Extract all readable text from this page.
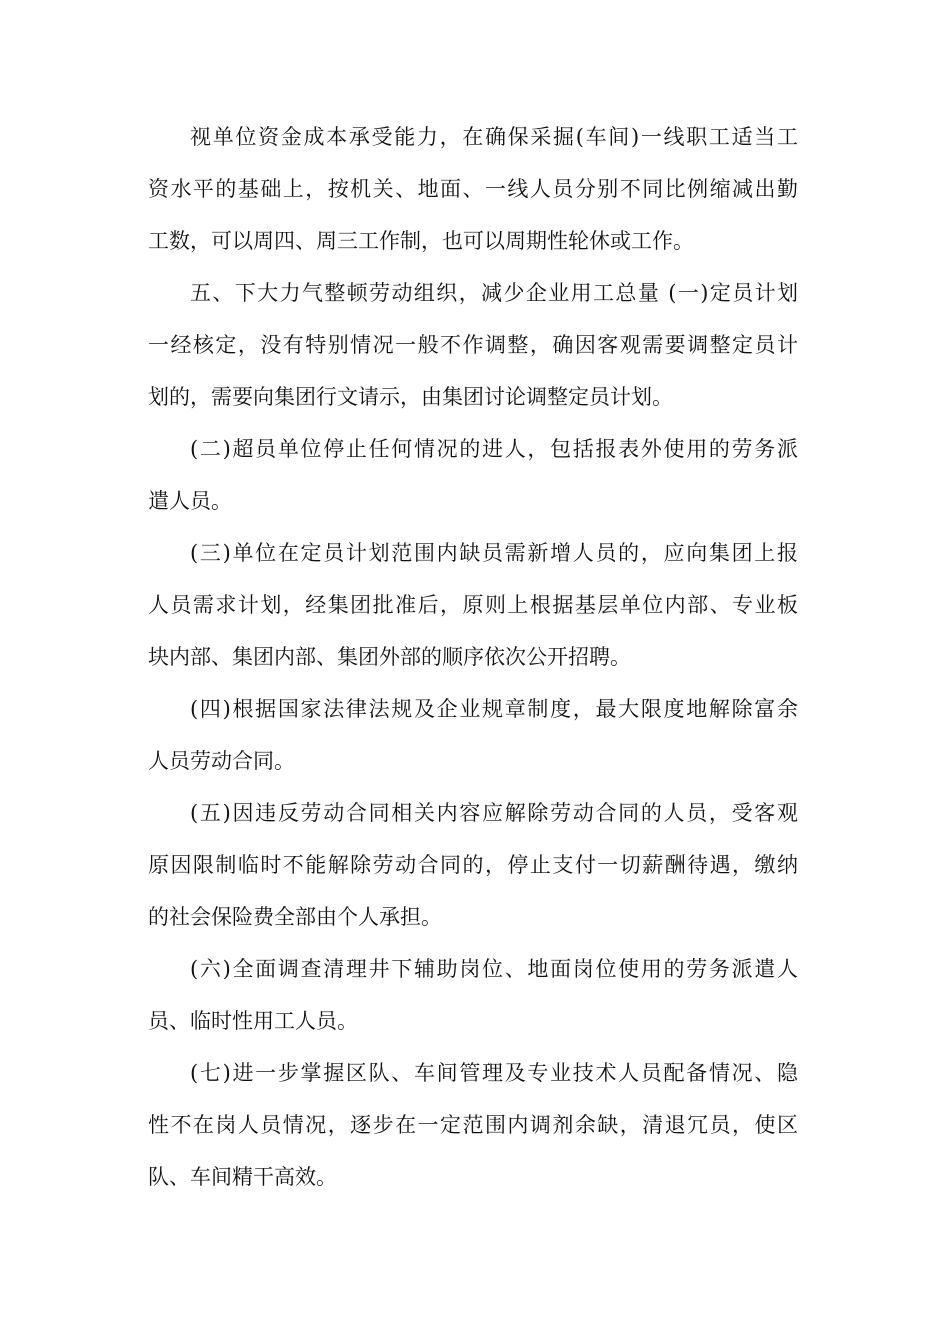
视单位资金成本承受能力，在确保采掘(车间)一线职工适当工
资水平的基础上，按机关、地面、一线人员分别不同比例缩减出勤
工数，可以周四、周三工作制，也可以周期性轮休或工作。
五、下大力气整顿劳动组织，减少企业用工总量 (一)定员计划
一经核定，没有特别情况一般不作调整，确因客观需要调整定员计
划的，需要向集团行文请示，由集团讨论调整定员计划。
(二)超员单位停止任何情况的进人，包括报表外使用的劳务派
遣人员。
(三)单位在定员计划范围内缺员需新增人员的，应向集团上报
人员需求计划，经集团批准后，原则上根据基层单位内部、专业板
块内部、集团内部、集团外部的顺序依次公开招聘。
(四)根据国家法律法规及企业规章制度，最大限度地解除富余
人员劳动合同。
(五)因违反劳动合同相关内容应解除劳动合同的人员，受客观
原因限制临时不能解除劳动合同的，停止支付一切薪酬待遇，缴纳
的社会保险费全部由个人承担。
(六)全面调查清理井下辅助岗位、地面岗位使用的劳务派遣人
员、临时性用工人员。
(七)进一步掌握区队、车间管理及专业技术人员配备情况、隐
性不在岗人员情况，逐步在一定范围内调剂余缺，清退冗员，使区
队、车间精干高效。
